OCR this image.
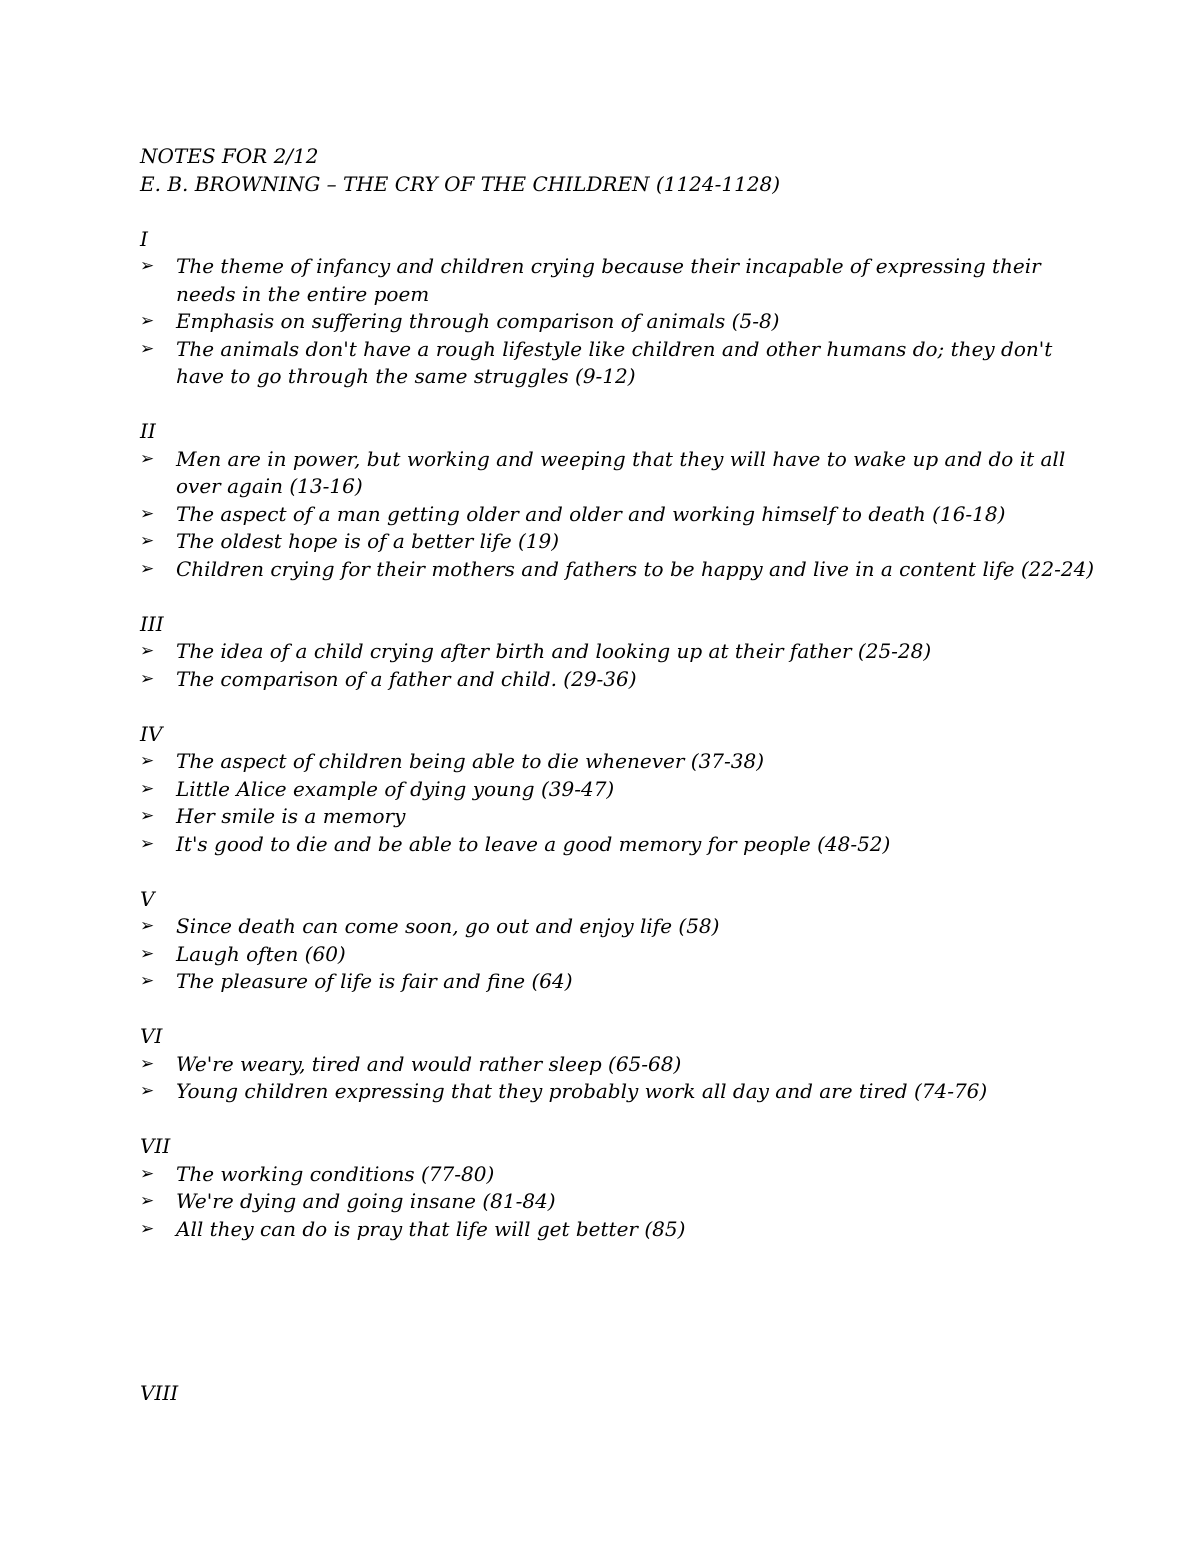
NOTES FOR 2/12
E. B. BROWNING – THE CRY OF THE CHILDREN (1124-1128)
I
➢ The theme of infancy and children crying because their incapable of expressing their needs in the entire poem
➢ Emphasis on suffering through comparison of animals (5-8)
➢ The animals don't have a rough lifestyle like children and other humans do; they don't have to go through the same struggles (9-12)
II
➢ Men are in power, but working and weeping that they will have to wake up and do it all over again (13-16)
➢ The aspect of a man getting older and older and working himself to death (16-18)
➢ The oldest hope is of a better life (19)
➢ Children crying for their mothers and fathers to be happy and live in a content life (22-24)
III
➢ The idea of a child crying after birth and looking up at their father (25-28)
➢ The comparison of a father and child. (29-36)
IV
➢ The aspect of children being able to die whenever (37-38)
➢ Little Alice example of dying young (39-47)
➢ Her smile is a memory
➢ It's good to die and be able to leave a good memory for people (48-52)
V
➢ Since death can come soon, go out and enjoy life (58)
➢ Laugh often (60)
➢ The pleasure of life is fair and fine (64)
VI
➢ We're weary, tired and would rather sleep (65-68)
➢ Young children expressing that they probably work all day and are tired (74-76)
VII
➢ The working conditions (77-80)
➢ We're dying and going insane (81-84)
➢ All they can do is pray that life will get better (85)
VIII
